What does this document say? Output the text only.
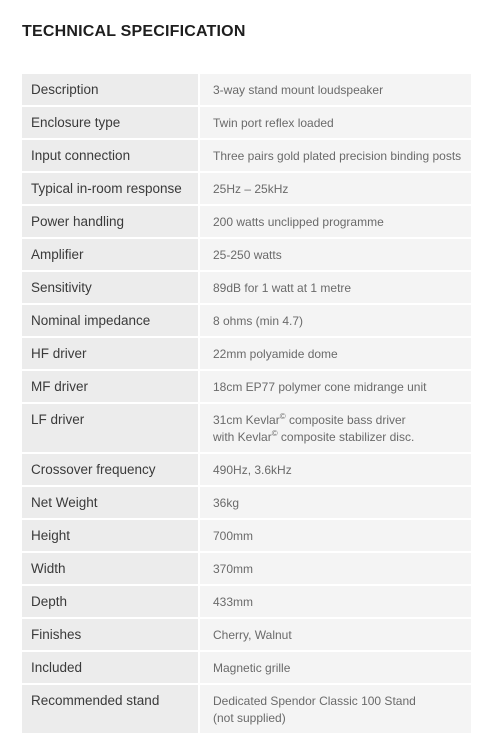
TECHNICAL SPECIFICATION
Description	3-way stand mount loudspeaker
Enclosure type	Twin port reflex loaded
Input connection	Three pairs gold plated precision binding posts
Typical in-room response	25Hz – 25kHz
Power handling	200 watts unclipped programme
Amplifier	25-250 watts
Sensitivity	89dB for 1 watt at 1 metre
Nominal impedance	8 ohms (min 4.7)
HF driver	22mm polyamide dome
MF driver	18cm EP77 polymer cone midrange unit
LF driver	31cm Kevlar© composite bass driver
with Kevlar© composite stabilizer disc.

Crossover frequency	490Hz, 3.6kHz
Net Weight	36kg
Height	700mm
Width	370mm
Depth	433mm
Finishes	Cherry, Walnut
Included	Magnetic grille
Recommended stand	Dedicated Spendor Classic 100 Stand
(not supplied)
